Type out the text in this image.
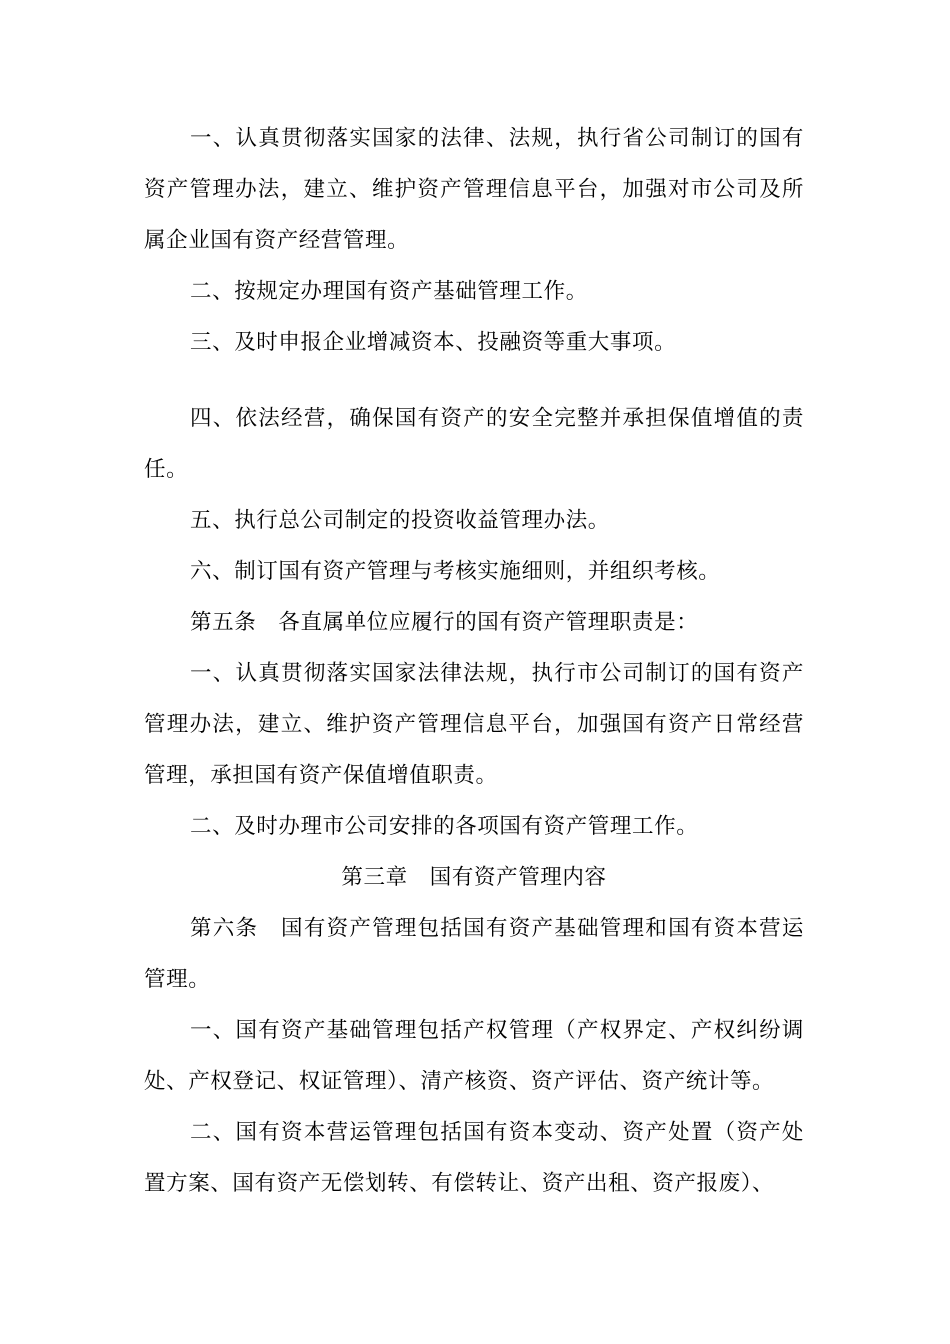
一、认真贯彻落实国家的法律、法规，执行省公司制订的国有资产管理办法，建立、维护资产管理信息平台，加强对市公司及所属企业国有资产经营管理。

二、按规定办理国有资产基础管理工作。

三、及时申报企业增减资本、投融资等重大事项。

四、依法经营，确保国有资产的安全完整并承担保值增值的责任。

五、执行总公司制定的投资收益管理办法。

六、制订国有资产管理与考核实施细则，并组织考核。

第五条　各直属单位应履行的国有资产管理职责是：

一、认真贯彻落实国家法律法规，执行市公司制订的国有资产管理办法，建立、维护资产管理信息平台，加强国有资产日常经营管理，承担国有资产保值增值职责。

二、及时办理市公司安排的各项国有资产管理工作。

第三章　国有资产管理内容

第六条　国有资产管理包括国有资产基础管理和国有资本营运管理。

一、国有资产基础管理包括产权管理（产权界定、产权纠纷调处、产权登记、权证管理）、清产核资、资产评估、资产统计等。

二、国有资本营运管理包括国有资本变动、资产处置（资产处置方案、国有资产无偿划转、有偿转让、资产出租、资产报废）、
